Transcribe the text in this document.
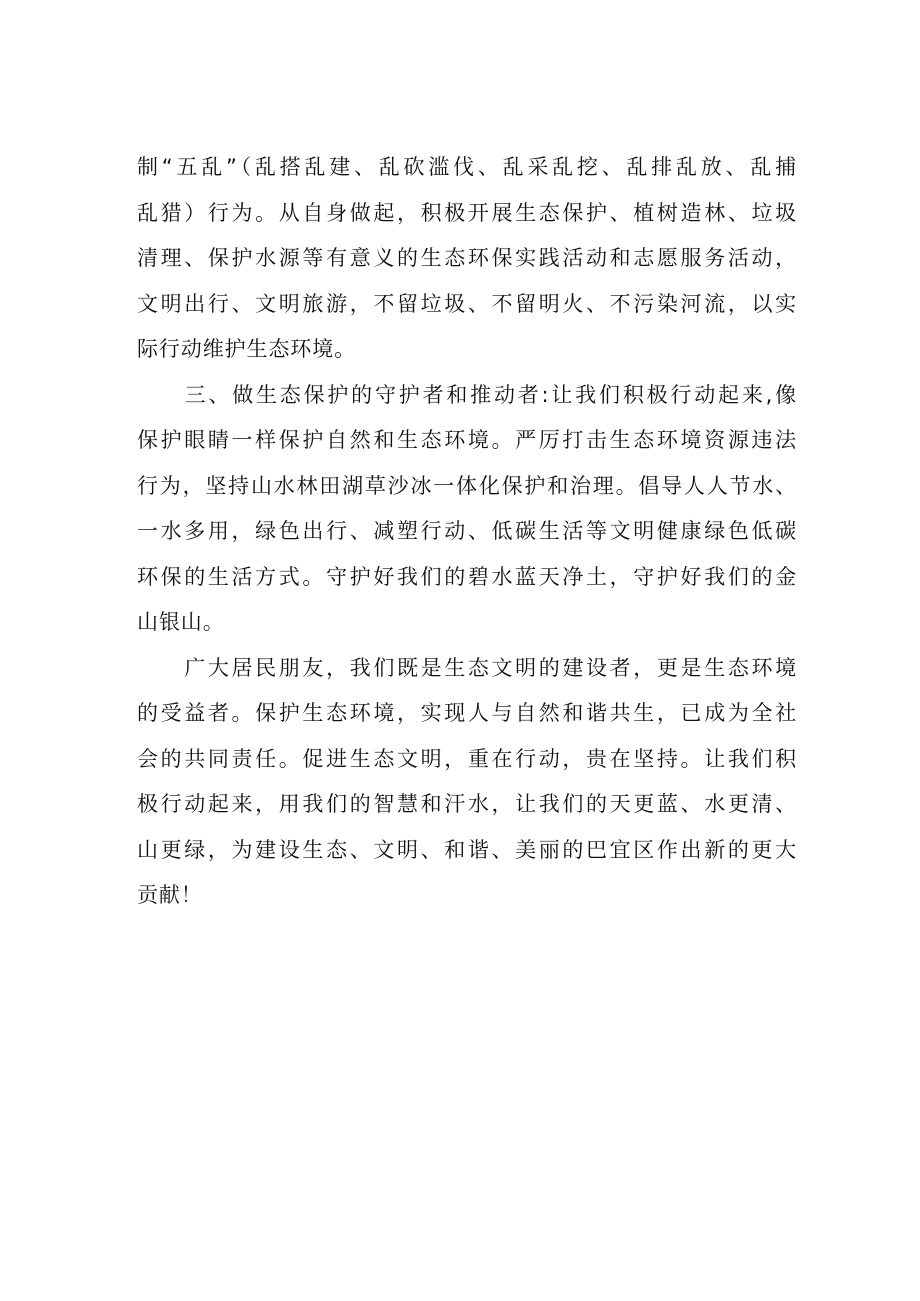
制“五乱”（乱搭乱建、乱砍滥伐、乱采乱挖、乱排乱放、乱捕
乱猎）行为。从自身做起，积极开展生态保护、植树造林、垃圾
清理、保护水源等有意义的生态环保实践活动和志愿服务活动，
文明出行、文明旅游，不留垃圾、不留明火、不污染河流，以实
际行动维护生态环境。
　　三、做生态保护的守护者和推动者:让我们积极行动起来,像
保护眼睛一样保护自然和生态环境。严厉打击生态环境资源违法
行为，坚持山水林田湖草沙冰一体化保护和治理。倡导人人节水、
一水多用，绿色出行、减塑行动、低碳生活等文明健康绿色低碳
环保的生活方式。守护好我们的碧水蓝天净土，守护好我们的金
山银山。
　　广大居民朋友，我们既是生态文明的建设者，更是生态环境
的受益者。保护生态环境，实现人与自然和谐共生，已成为全社
会的共同责任。促进生态文明，重在行动，贵在坚持。让我们积
极行动起来，用我们的智慧和汗水，让我们的天更蓝、水更清、
山更绿，为建设生态、文明、和谐、美丽的巴宜区作出新的更大
贡献！
